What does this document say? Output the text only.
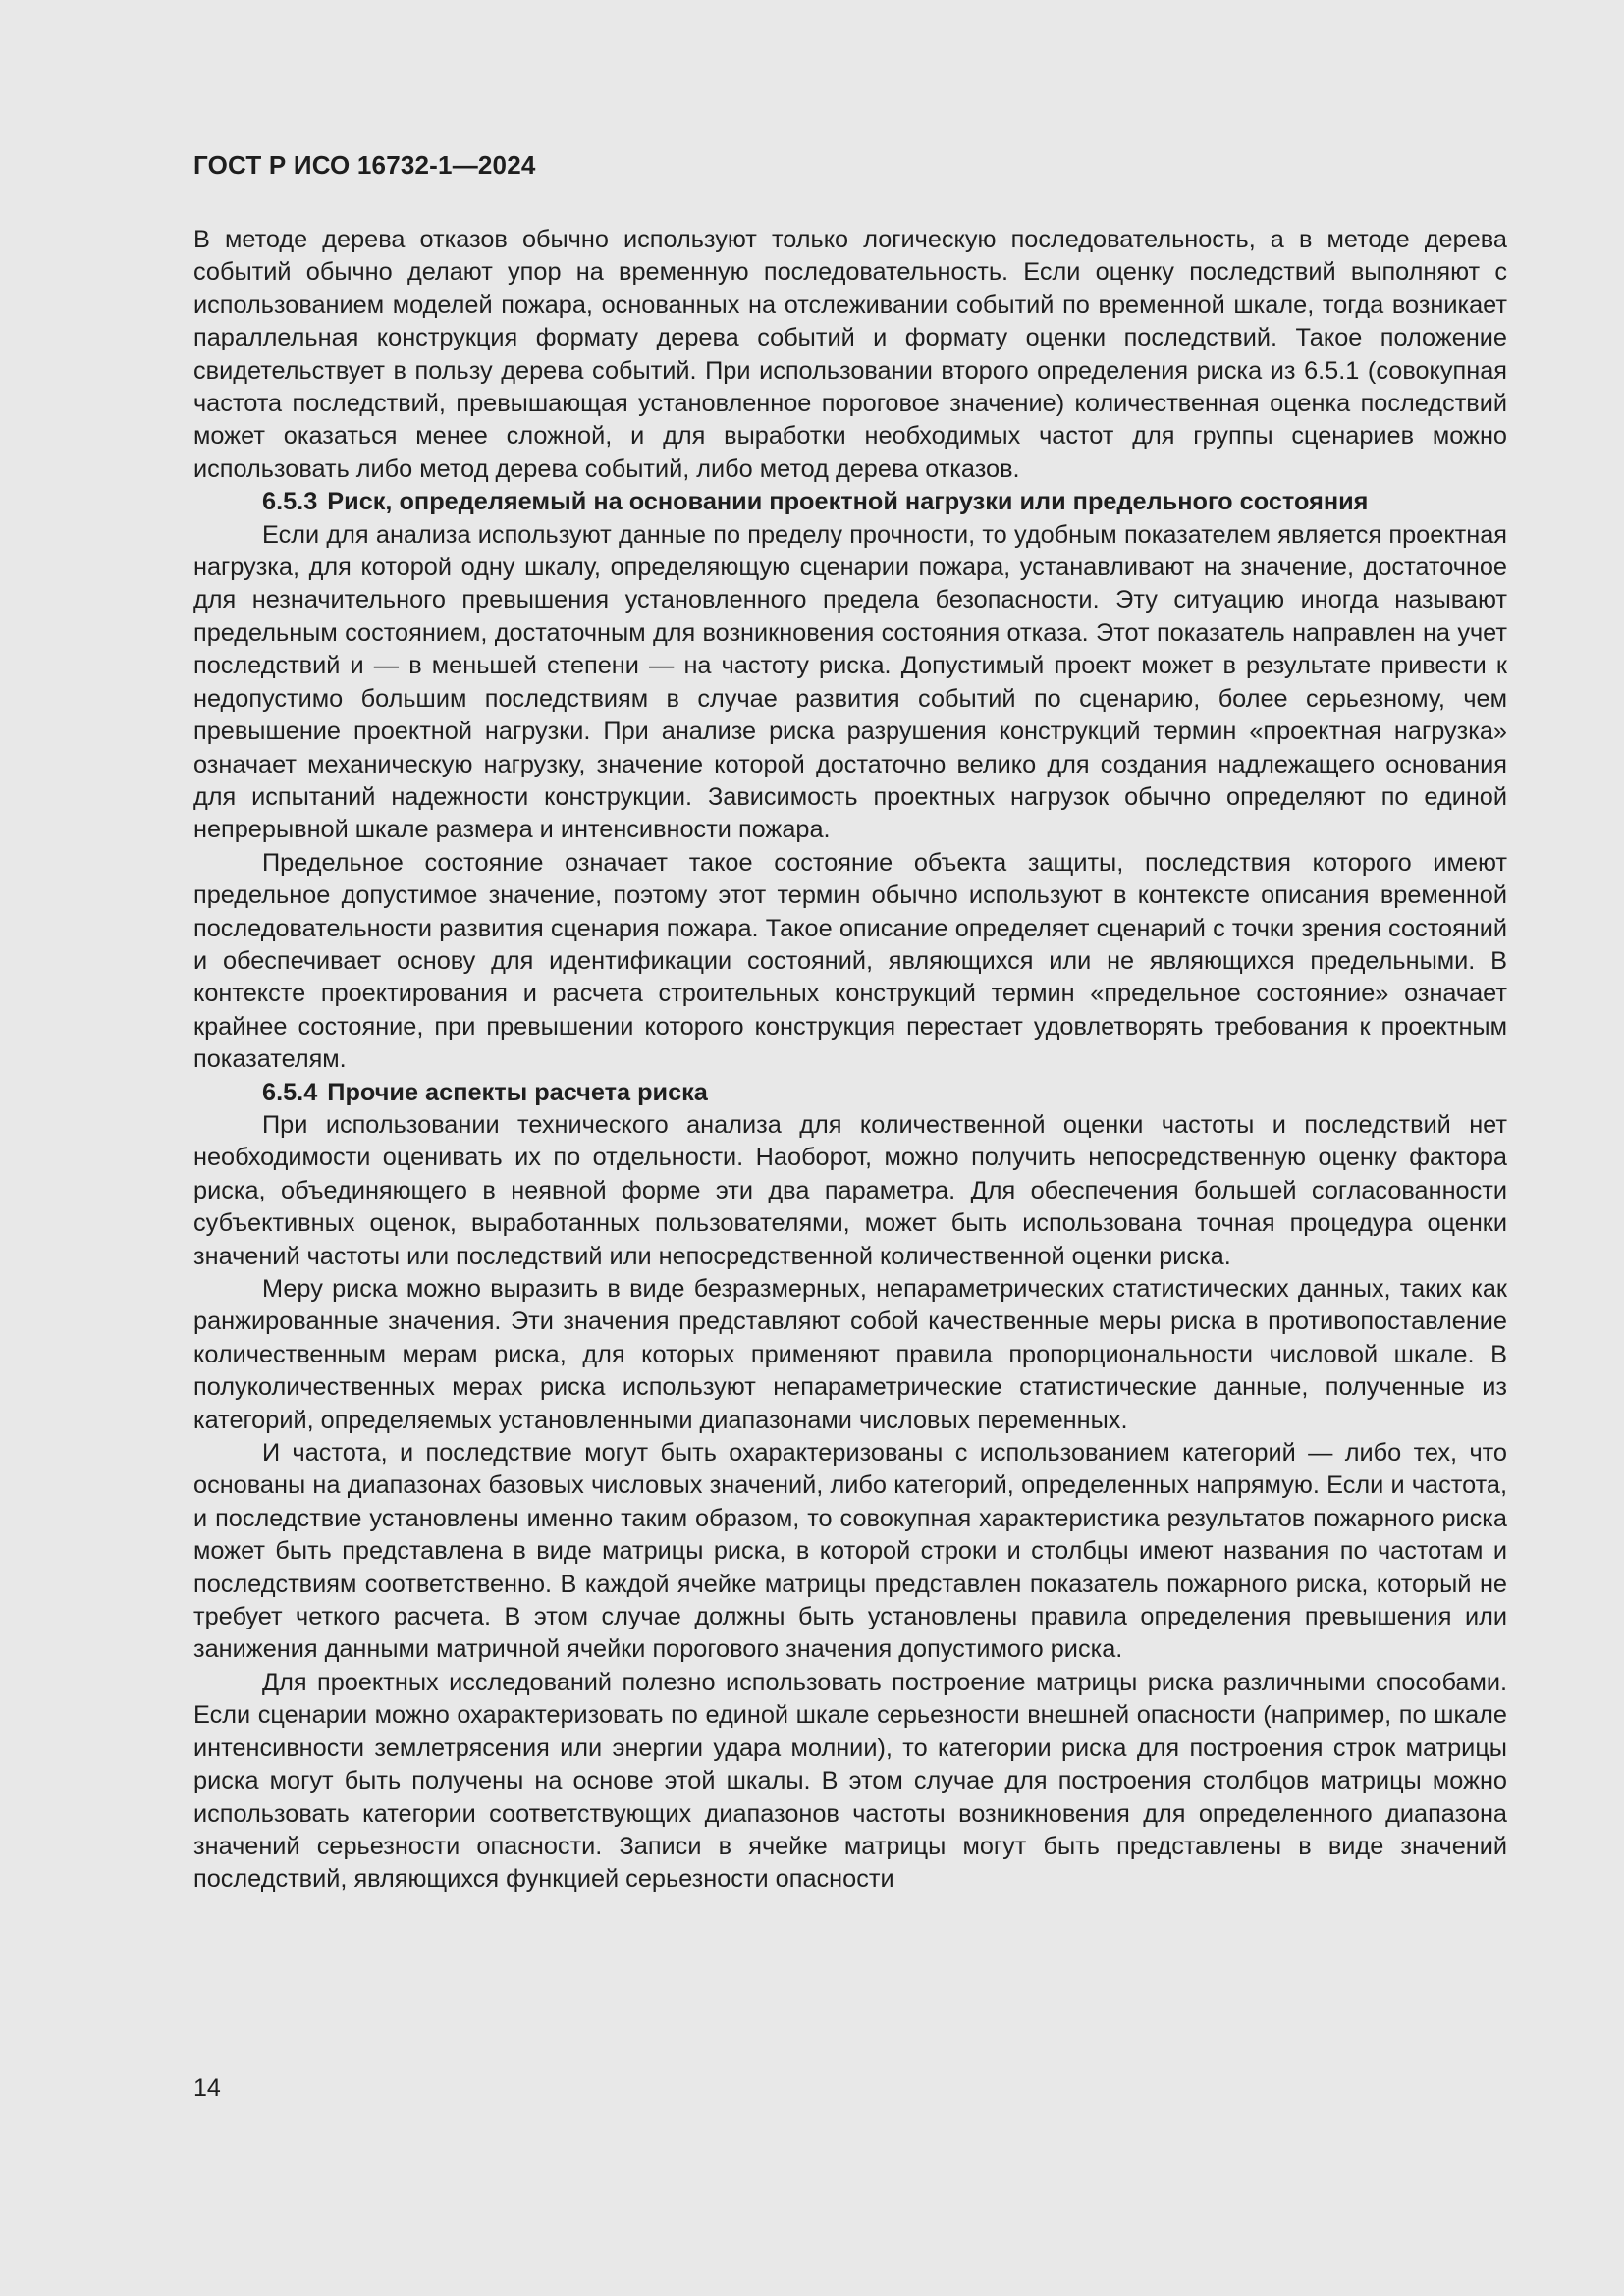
ГОСТ Р ИСО 16732-1—2024

В методе дерева отказов обычно используют только логическую последовательность, а в методе дерева событий обычно делают упор на временную последовательность. Если оценку последствий выполняют с использованием моделей пожара, основанных на отслеживании событий по временной шкале, тогда возникает параллельная конструкция формату дерева событий и формату оценки последствий. Такое положение свидетельствует в пользу дерева событий. При использовании второго определения риска из 6.5.1 (совокупная частота последствий, превышающая установленное пороговое значение) количественная оценка последствий может оказаться менее сложной, и для выработки необходимых частот для группы сценариев можно использовать либо метод дерева событий, либо метод дерева отказов.

6.5.3 Риск, определяемый на основании проектной нагрузки или предельного состояния

Если для анализа используют данные по пределу прочности, то удобным показателем является проектная нагрузка, для которой одну шкалу, определяющую сценарии пожара, устанавливают на значение, достаточное для незначительного превышения установленного предела безопасности. Эту ситуацию иногда называют предельным состоянием, достаточным для возникновения состояния отказа. Этот показатель направлен на учет последствий и — в меньшей степени — на частоту риска. Допустимый проект может в результате привести к недопустимо большим последствиям в случае развития событий по сценарию, более серьезному, чем превышение проектной нагрузки. При анализе риска разрушения конструкций термин «проектная нагрузка» означает механическую нагрузку, значение которой достаточно велико для создания надлежащего основания для испытаний надежности конструкции. Зависимость проектных нагрузок обычно определяют по единой непрерывной шкале размера и интенсивности пожара.

Предельное состояние означает такое состояние объекта защиты, последствия которого имеют предельное допустимое значение, поэтому этот термин обычно используют в контексте описания временной последовательности развития сценария пожара. Такое описание определяет сценарий с точки зрения состояний и обеспечивает основу для идентификации состояний, являющихся или не являющихся предельными. В контексте проектирования и расчета строительных конструкций термин «предельное состояние» означает крайнее состояние, при превышении которого конструкция перестает удовлетворять требования к проектным показателям.

6.5.4 Прочие аспекты расчета риска

При использовании технического анализа для количественной оценки частоты и последствий нет необходимости оценивать их по отдельности. Наоборот, можно получить непосредственную оценку фактора риска, объединяющего в неявной форме эти два параметра. Для обеспечения большей согласованности субъективных оценок, выработанных пользователями, может быть использована точная процедура оценки значений частоты или последствий или непосредственной количественной оценки риска.

Меру риска можно выразить в виде безразмерных, непараметрических статистических данных, таких как ранжированные значения. Эти значения представляют собой качественные меры риска в противопоставление количественным мерам риска, для которых применяют правила пропорциональности числовой шкале. В полуколичественных мерах риска используют непараметрические статистические данные, полученные из категорий, определяемых установленными диапазонами числовых переменных.

И частота, и последствие могут быть охарактеризованы с использованием категорий — либо тех, что основаны на диапазонах базовых числовых значений, либо категорий, определенных напрямую. Если и частота, и последствие установлены именно таким образом, то совокупная характеристика результатов пожарного риска может быть представлена в виде матрицы риска, в которой строки и столбцы имеют названия по частотам и последствиям соответственно. В каждой ячейке матрицы представлен показатель пожарного риска, который не требует четкого расчета. В этом случае должны быть установлены правила определения превышения или занижения данными матричной ячейки порогового значения допустимого риска.

Для проектных исследований полезно использовать построение матрицы риска различными способами. Если сценарии можно охарактеризовать по единой шкале серьезности внешней опасности (например, по шкале интенсивности землетрясения или энергии удара молнии), то категории риска для построения строк матрицы риска могут быть получены на основе этой шкалы. В этом случае для построения столбцов матрицы можно использовать категории соответствующих диапазонов частоты возникновения для определенного диапазона значений серьезности опасности. Записи в ячейке матрицы могут быть представлены в виде значений последствий, являющихся функцией серьезности опасности

14
